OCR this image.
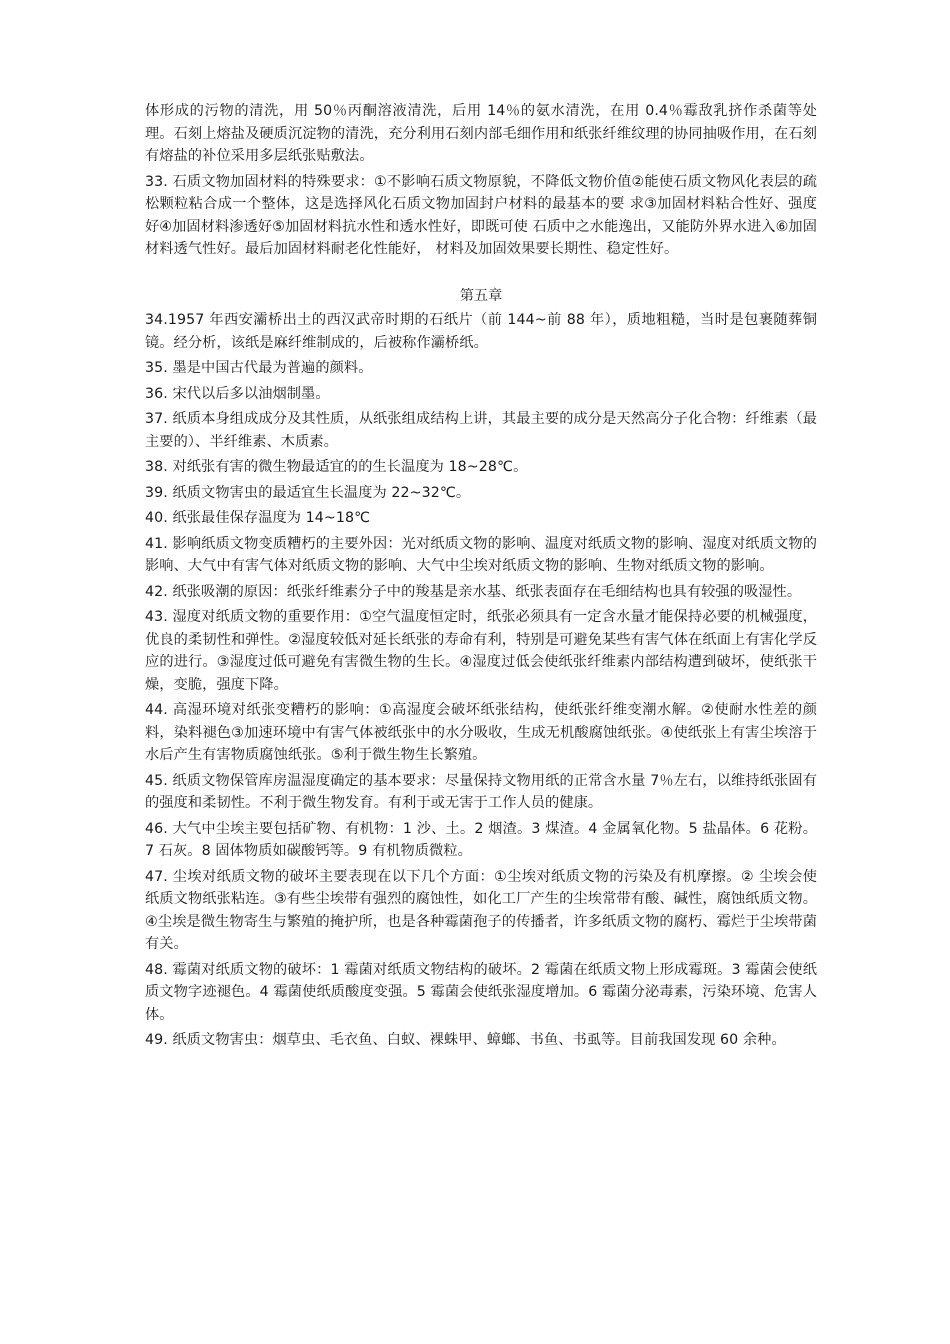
体形成的污物的清洗，用 50％丙酮溶液清洗，后用 14％的氨水清洗，在用 0.4％霉敌乳挤作杀菌等处理。石刻上熔盐及硬质沉淀物的清洗，充分利用石刻内部毛细作用和纸张纤维纹理的协同抽吸作用，在石刻有熔盐的补位采用多层纸张贴敷法。

33. 石质文物加固材料的特殊要求：①不影响石质文物原貌，不降低文物价值②能使石质文物风化表层的疏松颗粒粘合成一个整体，这是选择风化石质文物加固封户材料的最基本的要 求③加固材料粘合性好、强度好④加固材料渗透好⑤加固材料抗水性和透水性好，即既可使 石质中之水能逸出，又能防外界水进入⑥加固材料透气性好。最后加固材料耐老化性能好， 材料及加固效果要长期性、稳定性好。

第五章

34.1957 年西安灞桥出土的西汉武帝时期的石纸片（前 144~前 88 年），质地粗糙，当时是包裹随葬铜镜。经分析，该纸是麻纤维制成的，后被称作灞桥纸。

35. 墨是中国古代最为普遍的颜料。

36. 宋代以后多以油烟制墨。

37. 纸质本身组成成分及其性质，从纸张组成结构上讲，其最主要的成分是天然高分子化合物：纤维素（最主要的）、半纤维素、木质素。

38. 对纸张有害的微生物最适宜的的生长温度为 18~28℃。

39. 纸质文物害虫的最适宜生长温度为 22~32℃。

40. 纸张最佳保存温度为 14~18℃

41. 影响纸质文物变质糟朽的主要外因：光对纸质文物的影响、温度对纸质文物的影响、湿度对纸质文物的影响、大气中有害气体对纸质文物的影响、大气中尘埃对纸质文物的影响、生物对纸质文物的影响。

42. 纸张吸潮的原因：纸张纤维素分子中的羧基是亲水基、纸张表面存在毛细结构也具有较强的吸湿性。

43. 湿度对纸质文物的重要作用：①空气温度恒定时，纸张必须具有一定含水量才能保持必要的机械强度，优良的柔韧性和弹性。②湿度较低对延长纸张的寿命有利，特别是可避免某些有害气体在纸面上有害化学反应的进行。③湿度过低可避免有害微生物的生长。④湿度过低会使纸张纤维素内部结构遭到破坏，使纸张干燥，变脆，强度下降。

44. 高湿环境对纸张变糟朽的影响：①高湿度会破坏纸张结构，使纸张纤维变潮水解。②使耐水性差的颜料，染料褪色③加速环境中有害气体被纸张中的水分吸收，生成无机酸腐蚀纸张。④使纸张上有害尘埃溶于水后产生有害物质腐蚀纸张。⑤利于微生物生长繁殖。

45. 纸质文物保管库房温湿度确定的基本要求：尽量保持文物用纸的正常含水量 7％左右，以维持纸张固有的强度和柔韧性。不利于微生物发育。有利于或无害于工作人员的健康。

46. 大气中尘埃主要包括矿物、有机物：1 沙、土。2 烟渣。3 煤渣。4 金属氧化物。5 盐晶体。6 花粉。7 石灰。8 固体物质如碳酸钙等。9 有机物质微粒。

47. 尘埃对纸质文物的破坏主要表现在以下几个方面：①尘埃对纸质文物的污染及有机摩擦。② 尘埃会使纸质文物纸张粘连。③有些尘埃带有强烈的腐蚀性，如化工厂产生的尘埃常带有酸、碱性，腐蚀纸质文物。④尘埃是微生物寄生与繁殖的掩护所，也是各种霉菌孢子的传播者，许多纸质文物的腐朽、霉烂于尘埃带菌有关。

48. 霉菌对纸质文物的破坏：1 霉菌对纸质文物结构的破坏。2 霉菌在纸质文物上形成霉斑。3 霉菌会使纸质文物字迹褪色。4 霉菌使纸质酸度变强。5 霉菌会使纸张湿度增加。6 霉菌分泌毒素，污染环境、危害人体。

49. 纸质文物害虫：烟草虫、毛衣鱼、白蚁、裸蛛甲、蟑螂、书鱼、书虱等。目前我国发现 60 余种。
